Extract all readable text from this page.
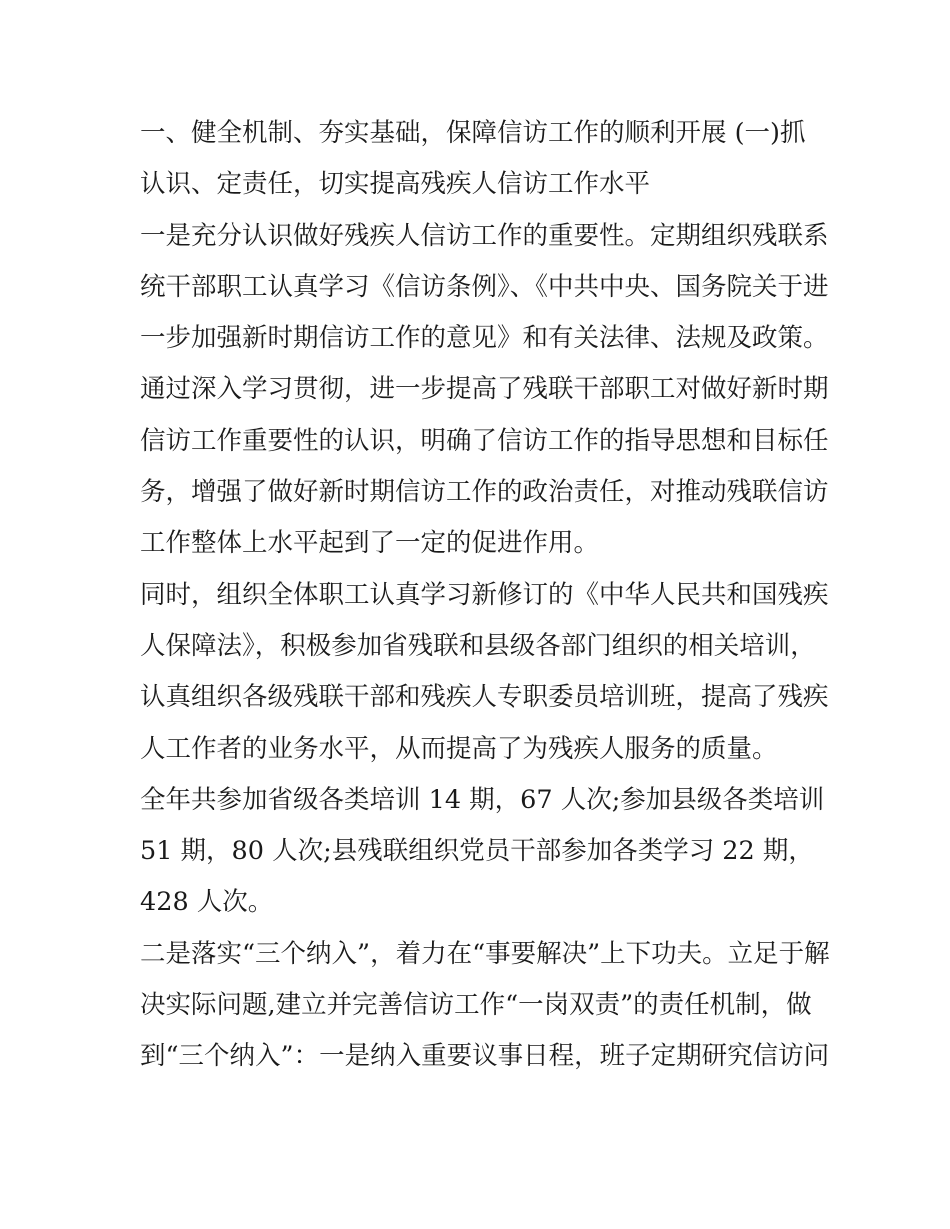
一、健全机制、夯实基础，保障信访工作的顺利开展 (一)抓认识、定责任，切实提高残疾人信访工作水平

一是充分认识做好残疾人信访工作的重要性。定期组织残联系统干部职工认真学习《信访条例》、《中共中央、国务院关于进一步加强新时期信访工作的意见》和有关法律、法规及政策。

通过深入学习贯彻，进一步提高了残联干部职工对做好新时期信访工作重要性的认识，明确了信访工作的指导思想和目标任务，增强了做好新时期信访工作的政治责任，对推动残联信访工作整体上水平起到了一定的促进作用。

同时，组织全体职工认真学习新修订的《中华人民共和国残疾人保障法》，积极参加省残联和县级各部门组织的相关培训，认真组织各级残联干部和残疾人专职委员培训班，提高了残疾人工作者的业务水平，从而提高了为残疾人服务的质量。

全年共参加省级各类培训 14 期，67 人次;参加县级各类培训 51 期，80 人次;县残联组织党员干部参加各类学习 22 期，428 人次。

二是落实“三个纳入”，着力在“事要解决”上下功夫。立足于解决实际问题,建立并完善信访工作“一岗双责”的责任机制，做到“三个纳入”：一是纳入重要议事日程，班子定期研究信访问
